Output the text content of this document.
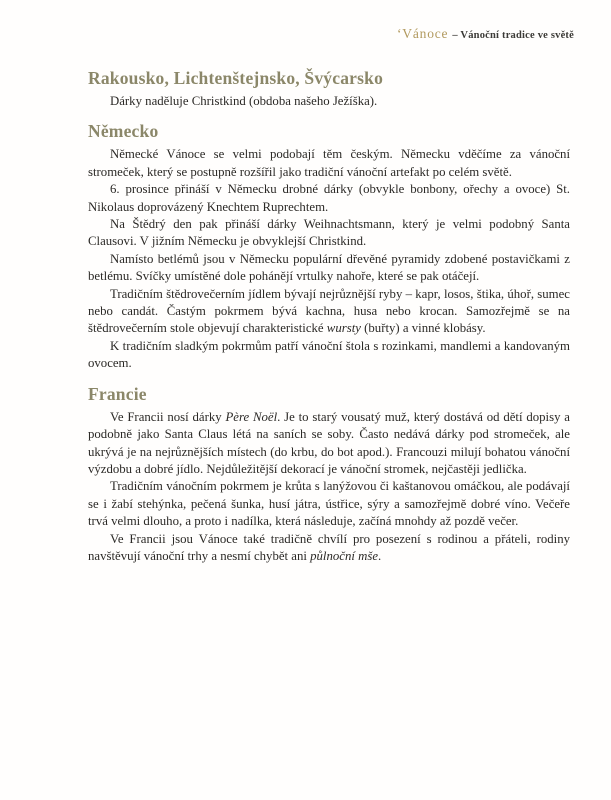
ʻVánoce – Vánoční tradice ve světě
Rakousko, Lichtenštejnsko, Švýcarsko

Dárky naděluje Christkind (obdoba našeho Ježíška).

Německo

Německé Vánoce se velmi podobají těm českým. Německu vděčíme za vánoční stromeček, který se postupně rozšířil jako tradiční vánoční artefakt po celém světě.

6. prosince přináší v Německu drobné dárky (obvykle bonbony, ořechy a ovoce) St. Nikolaus doprovázený Knechtem Ruprechtem.

Na Štědrý den pak přináší dárky Weihnachtsmann, který je velmi podobný Santa Clausovi. V jižním Německu je obvyklejší Christkind.

Namísto betlémů jsou v Německu populární dřevěné pyramidy zdobené postavičkami z betlému. Svíčky umístěné dole pohánějí vrtulky nahoře, které se pak otáčejí.

Tradičním štědrovečerním jídlem bývají nejrůznější ryby – kapr, losos, štika, úhoř, sumec nebo candát. Častým pokrmem bývá kachna, husa nebo krocan. Samozřejmě se na štědrovečerním stole objevují charakteristické wursty (buřty) a vinné klobásy.

K tradičním sladkým pokrmům patří vánoční štola s rozinkami, mandlemi a kandovaným ovocem.

Francie

Ve Francii nosí dárky Père Noël. Je to starý vousatý muž, který dostává od dětí dopisy a podobně jako Santa Claus létá na saních se soby. Často nedává dárky pod stromeček, ale ukrývá je na nejrůznějších místech (do krbu, do bot apod.). Francouzi milují bohatou vánoční výzdobu a dobré jídlo. Nejdůležitější dekorací je vánoční stromek, nejčastěji jedlička.

Tradičním vánočním pokrmem je krůta s lanýžovou či kaštanovou omáčkou, ale podávají se i žabí stehýnka, pečená šunka, husí játra, ústřice, sýry a samozřejmě dobré víno. Večeře trvá velmi dlouho, a proto i nadílka, která následuje, začíná mnohdy až pozdě večer.

Ve Francii jsou Vánoce také tradičně chvílí pro posezení s rodinou a přáteli, rodiny navštěvují vánoční trhy a nesmí chybět ani půlnoční mše.
